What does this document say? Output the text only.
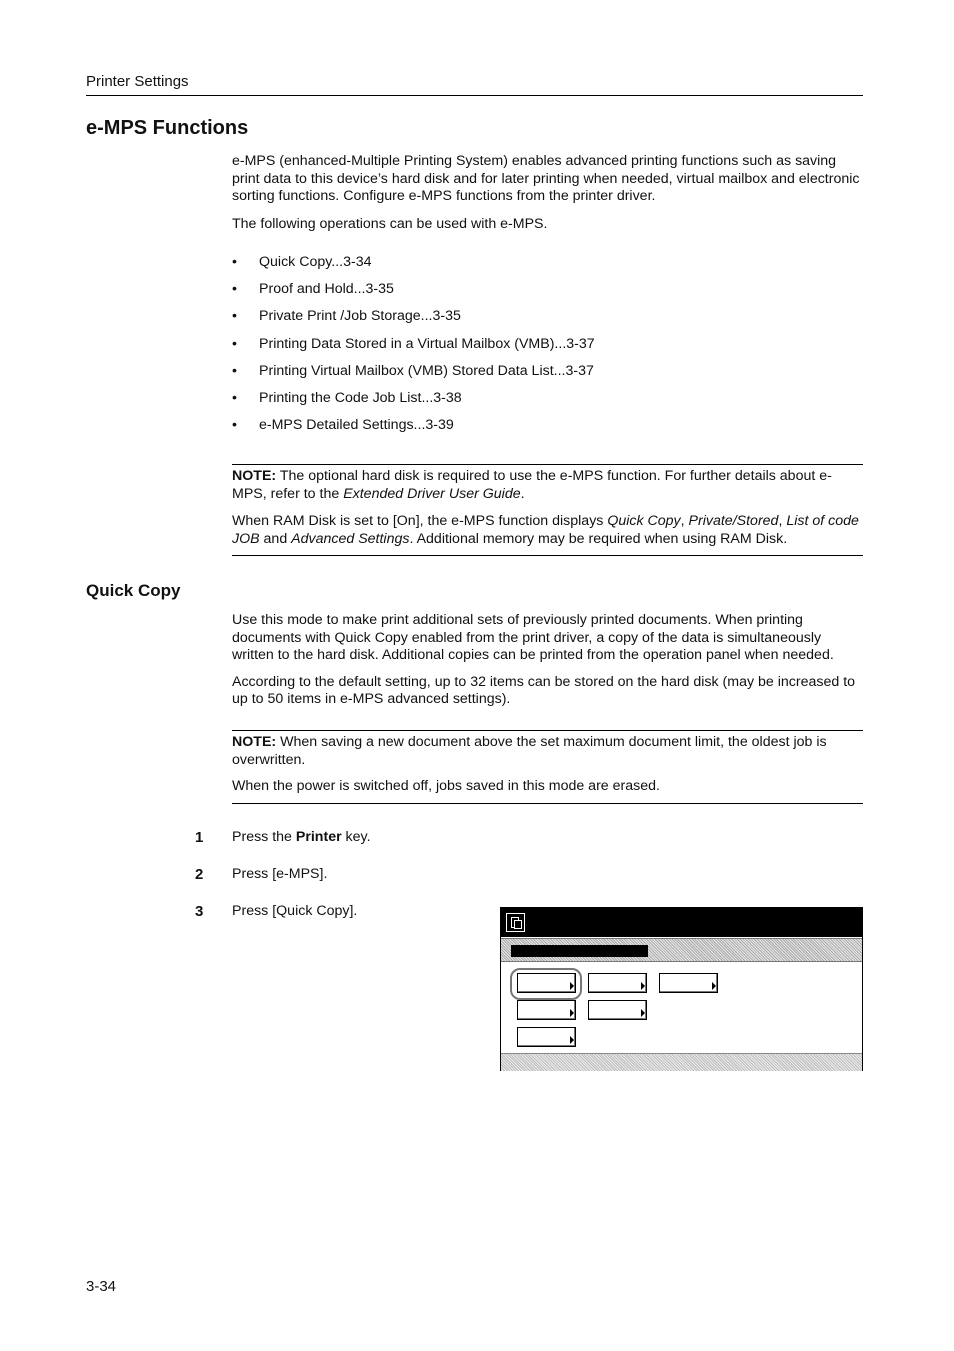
Printer Settings
e-MPS Functions

e-MPS (enhanced-Multiple Printing System) enables advanced printing functions such as saving print data to this device’s hard disk and for later printing when needed, virtual mailbox and electronic sorting functions. Configure e-MPS functions from the printer driver.

The following operations can be used with e-MPS.

• Quick Copy...3-34
• Proof and Hold...3-35
• Private Print /Job Storage...3-35
• Printing Data Stored in a Virtual Mailbox (VMB)...3-37
• Printing Virtual Mailbox (VMB) Stored Data List...3-37
• Printing the Code Job List...3-38
• e-MPS Detailed Settings...3-39

NOTE: The optional hard disk is required to use the e-MPS function. For further details about e-MPS, refer to the Extended Driver User Guide.

When RAM Disk is set to [On], the e-MPS function displays Quick Copy, Private/Stored, List of code JOB and Advanced Settings. Additional memory may be required when using RAM Disk.

Quick Copy

Use this mode to make print additional sets of previously printed documents. When printing documents with Quick Copy enabled from the print driver, a copy of the data is simultaneously written to the hard disk. Additional copies can be printed from the operation panel when needed.

According to the default setting, up to 32 items can be stored on the hard disk (may be increased to up to 50 items in e-MPS advanced settings).

NOTE: When saving a new document above the set maximum document limit, the oldest job is overwritten.

When the power is switched off, jobs saved in this mode are erased.

1 Press the Printer key.
2 Press [e-MPS].
3 Press [Quick Copy].
3-34
